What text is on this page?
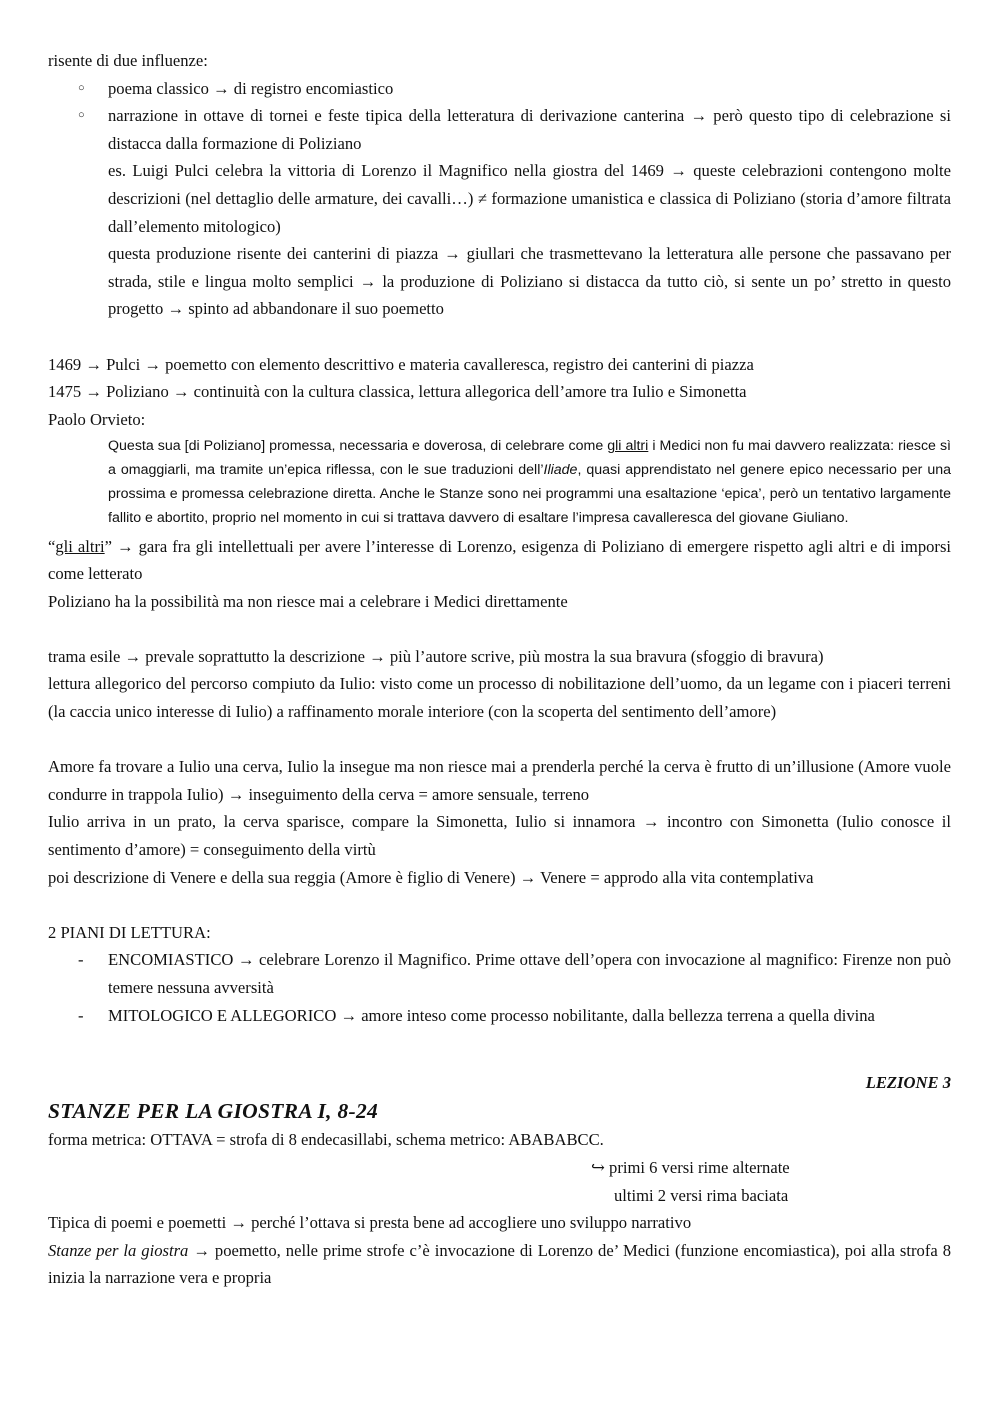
risente di due influenze:

○ poema classico → di registro encomiastico

○ narrazione in ottave di tornei e feste tipica della letteratura di derivazione canterina → però questo tipo di celebrazione si distacca dalla formazione di Poliziano

es. Luigi Pulci celebra la vittoria di Lorenzo il Magnifico nella giostra del 1469 → queste celebrazioni contengono molte descrizioni (nel dettaglio delle armature, dei cavalli…) ≠ formazione umanistica e classica di Poliziano (storia d’amore filtrata dall’elemento mitologico)

questa produzione risente dei canterini di piazza → giullari che trasmettevano la letteratura alle persone che passavano per strada, stile e lingua molto semplici → la produzione di Poliziano si distacca da tutto ciò, si sente un po’ stretto in questo progetto → spinto ad abbandonare il suo poemetto

1469 → Pulci → poemetto con elemento descrittivo e materia cavalleresca, registro dei canterini di piazza

1475 → Poliziano → continuità con la cultura classica, lettura allegorica dell’amore tra Iulio e Simonetta

Paolo Orvieto:

Questa sua [di Poliziano] promessa, necessaria e doverosa, di celebrare come gli altri i Medici non fu mai davvero realizzata: riesce sì a omaggiarli, ma tramite un’epica riflessa, con le sue traduzioni dell’Iliade, quasi apprendistato nel genere epico necessario per una prossima e promessa celebrazione diretta. Anche le Stanze sono nei programmi una esaltazione ‘epica’, però un tentativo largamente fallito e abortito, proprio nel momento in cui si trattava davvero di esaltare l’impresa cavalleresca del giovane Giuliano.

“gli altri” → gara fra gli intellettuali per avere l’interesse di Lorenzo, esigenza di Poliziano di emergere rispetto agli altri e di imporsi come letterato

Poliziano ha la possibilità ma non riesce mai a celebrare i Medici direttamente

trama esile → prevale soprattutto la descrizione → più l’autore scrive, più mostra la sua bravura (sfoggio di bravura)

lettura allegorico del percorso compiuto da Iulio: visto come un processo di nobilitazione dell’uomo, da un legame con i piaceri terreni (la caccia unico interesse di Iulio) a raffinamento morale interiore (con la scoperta del sentimento dell’amore)

Amore fa trovare a Iulio una cerva, Iulio la insegue ma non riesce mai a prenderla perché la cerva è frutto di un’illusione (Amore vuole condurre in trappola Iulio) → inseguimento della cerva = amore sensuale, terreno

Iulio arriva in un prato, la cerva sparisce, compare la Simonetta, Iulio si innamora → incontro con Simonetta (Iulio conosce il sentimento d’amore) = conseguimento della virtù

poi descrizione di Venere e della sua reggia (Amore è figlio di Venere) → Venere = approdo alla vita contemplativa

2 PIANI DI LETTURA:

- ENCOMIASTICO → celebrare Lorenzo il Magnifico. Prime ottave dell’opera con invocazione al magnifico: Firenze non può temere nessuna avversità

- MITOLOGICO E ALLEGORICO → amore inteso come processo nobilitante, dalla bellezza terrena a quella divina

LEZIONE 3

STANZE PER LA GIOSTRA I, 8-24

forma metrica: OTTAVA = strofa di 8 endecasillabi, schema metrico: ABABABCC.

↪ primi 6 versi rime alternate

ultimi 2 versi rima baciata

Tipica di poemi e poemetti → perché l’ottava si presta bene ad accogliere uno sviluppo narrativo

Stanze per la giostra → poemetto, nelle prime strofe c’è invocazione di Lorenzo de’ Medici (funzione encomiastica), poi alla strofa 8 inizia la narrazione vera e propria
